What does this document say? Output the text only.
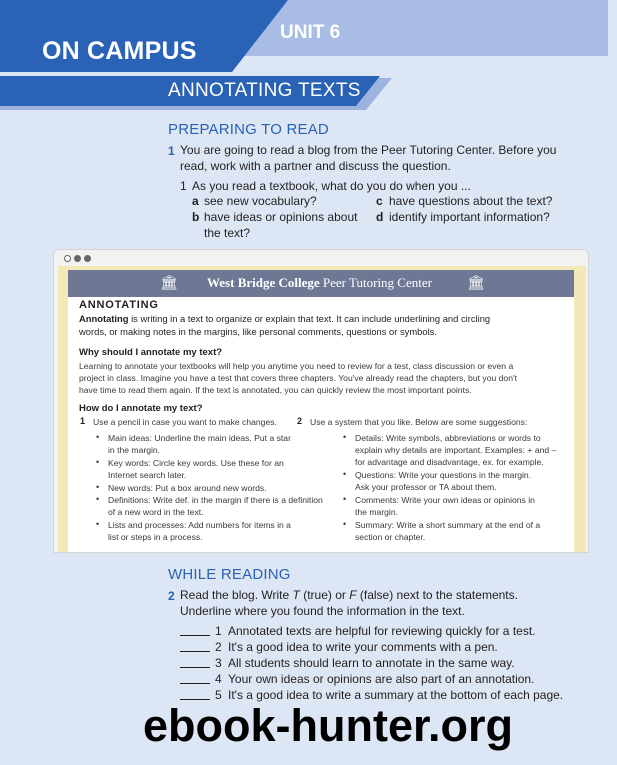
ON CAMPUS
UNIT 6
ANNOTATING TEXTS
PREPARING TO READ
1 You are going to read a blog from the Peer Tutoring Center. Before you
read, work with a partner and discuss the question.
1 As you read a textbook, what do you do when you ...
a see new vocabulary?
b have ideas or opinions about
the text?
c have questions about the text?
d identify important information?
🏛	🏛
West Bridge College Peer Tutoring Center
ANNOTATING
Annotating is writing in a text to organize or explain that text. It can include underlining and circling
words, or making notes in the margins, like personal comments, questions or symbols.
Why should I annotate my text?
Learning to annotate your textbooks will help you anytime you need to review for a test, class discussion or even a
project in class. Imagine you have a test that covers three chapters. You've already read the chapters, but you don't
have time to read them again. If the text is annotated, you can quickly review the most important points.
How do I annotate my text?
1 Use a pencil in case you want to make changes.
• Main ideas: Underline the main ideas. Put a star
in the margin.
• Key words: Circle key words. Use these for an
Internet search later.
• New words: Put a box around new words.
• Definitions: Write def. in the margin if there is a definition
of a new word in the text.
• Lists and processes: Add numbers for items in a
list or steps in a process.
2 Use a system that you like. Below are some suggestions:
• Details: Write symbols, abbreviations or words to
explain why details are important. Examples: + and –
for advantage and disadvantage, ex. for example.
• Questions: Write your questions in the margin.
Ask your professor or TA about them.
• Comments: Write your own ideas or opinions in
the margin.
• Summary: Write a short summary at the end of a
section or chapter.
WHILE READING
2 Read the blog. Write T (true) or F (false) next to the statements.
Underline where you found the information in the text.
1 Annotated texts are helpful for reviewing quickly for a test.
2 It's a good idea to write your comments with a pen.
3 All students should learn to annotate in the same way.
4 Your own ideas or opinions are also part of an annotation.
5 It's a good idea to write a summary at the bottom of each page.
ebook-hunter.org
